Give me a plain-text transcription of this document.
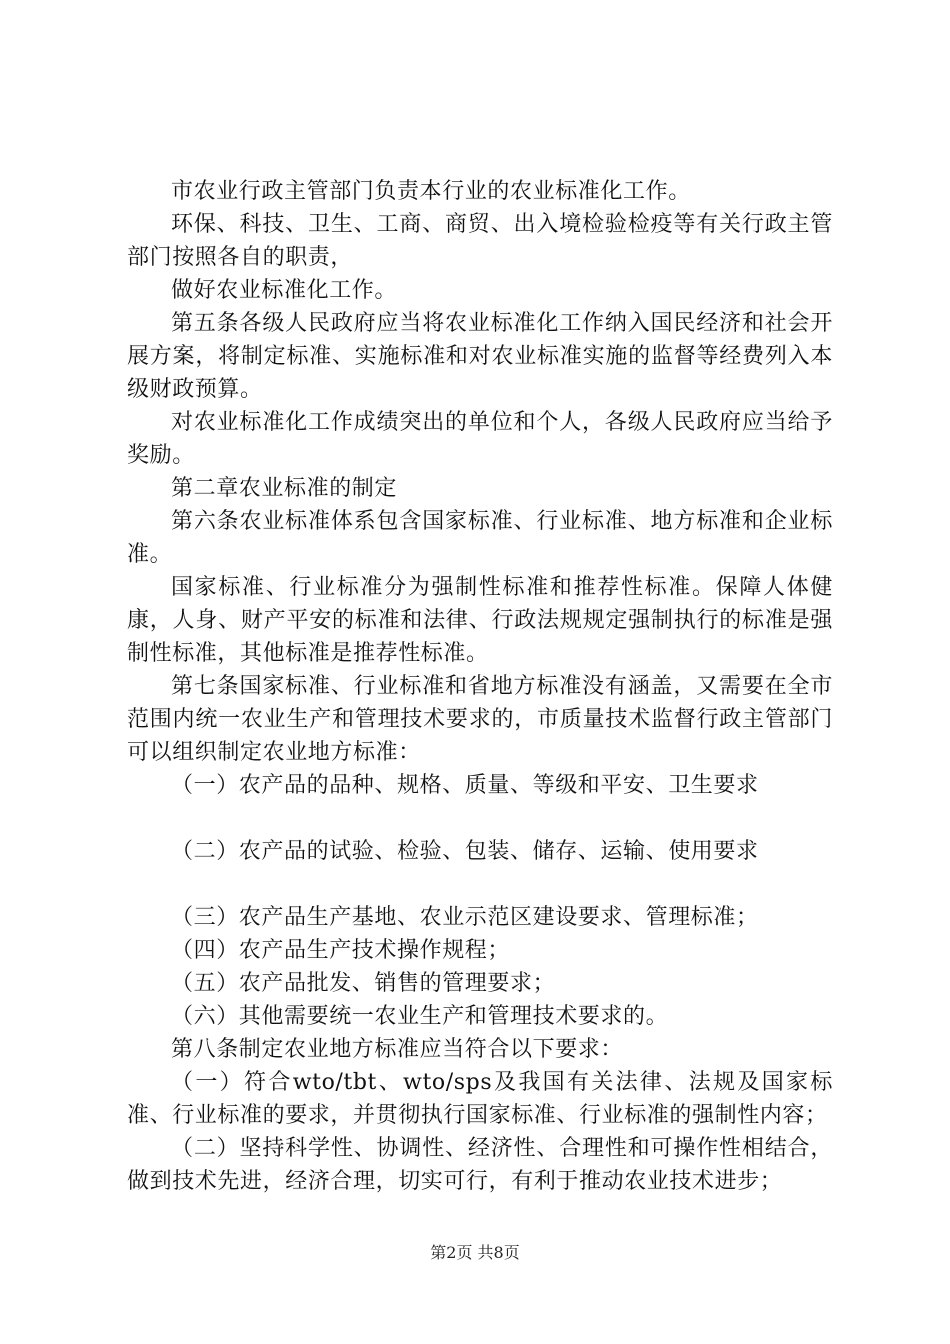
市农业行政主管部门负责本行业的农业标准化工作。

环保、科技、卫生、工商、商贸、出入境检验检疫等有关行政主管部门按照各自的职责，

做好农业标准化工作。

第五条各级人民政府应当将农业标准化工作纳入国民经济和社会开展方案，将制定标准、实施标准和对农业标准实施的监督等经费列入本级财政预算。

对农业标准化工作成绩突出的单位和个人，各级人民政府应当给予奖励。

第二章农业标准的制定

第六条农业标准体系包含国家标准、行业标准、地方标准和企业标准。

国家标准、行业标准分为强制性标准和推荐性标准。保障人体健康，人身、财产平安的标准和法律、行政法规规定强制执行的标准是强制性标准，其他标准是推荐性标准。

第七条国家标准、行业标准和省地方标准没有涵盖，又需要在全市范围内统一农业生产和管理技术要求的，市质量技术监督行政主管部门可以组织制定农业地方标准：

（一）农产品的品种、规格、质量、等级和平安、卫生要求

（二）农产品的试验、检验、包装、储存、运输、使用要求

（三）农产品生产基地、农业示范区建设要求、管理标准；

（四）农产品生产技术操作规程；

（五）农产品批发、销售的管理要求；

（六）其他需要统一农业生产和管理技术要求的。

第八条制定农业地方标准应当符合以下要求：

（一）符合wto/tbt、wto/sps及我国有关法律、法规及国家标准、行业标准的要求，并贯彻执行国家标准、行业标准的强制性内容；

（二）坚持科学性、协调性、经济性、合理性和可操作性相结合，做到技术先进，经济合理，切实可行，有利于推动农业技术进步；

第2页 共8页
